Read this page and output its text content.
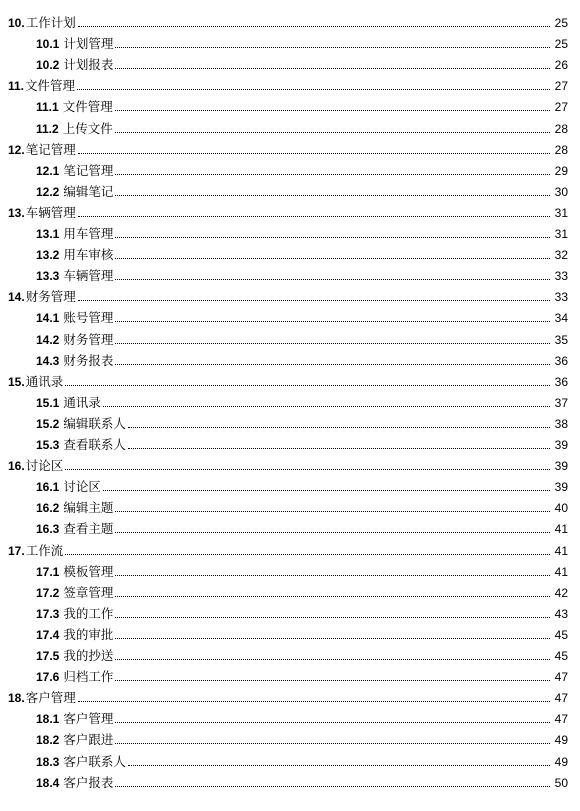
10. 工作计划	25
10.1 计划管理	25
10.2 计划报表	26
11. 文件管理	27
11.1 文件管理	27
11.2 上传文件	28
12. 笔记管理	28
12.1 笔记管理	29
12.2 编辑笔记	30
13. 车辆管理	31
13.1 用车管理	31
13.2 用车审核	32
13.3 车辆管理	33
14. 财务管理	33
14.1 账号管理	34
14.2 财务管理	35
14.3 财务报表	36
15. 通讯录	36
15.1 通讯录	37
15.2 编辑联系人	38
15.3 查看联系人	39
16. 讨论区	39
16.1 讨论区	39
16.2 编辑主题	40
16.3 查看主题	41
17. 工作流	41
17.1 模板管理	41
17.2 签章管理	42
17.3 我的工作	43
17.4 我的审批	45
17.5 我的抄送	45
17.6 归档工作	47
18. 客户管理	47
18.1 客户管理	47
18.2 客户跟进	49
18.3 客户联系人	49
18.4 客户报表	50
